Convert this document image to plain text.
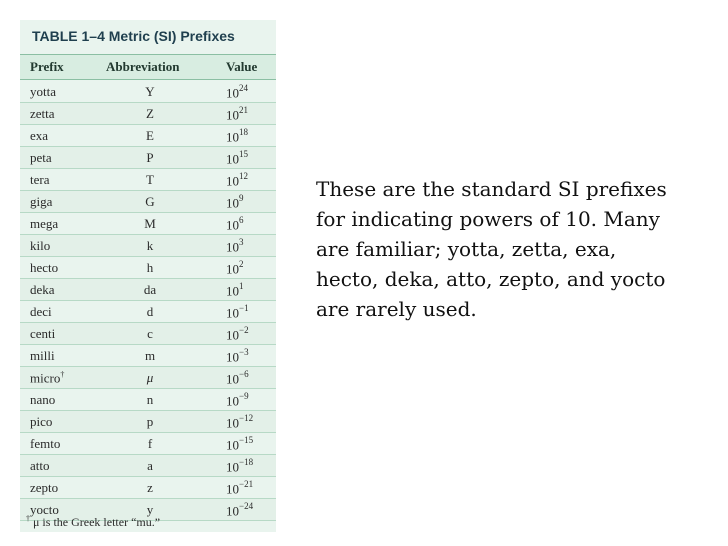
TABLE 1–4 Metric (SI) Prefixes
Prefix	Abbreviation	Value
yotta	Y	$10^{24}$
zetta	Z	$10^{21}$
exa	E	$10^{18}$
peta	P	$10^{15}$
tera	T	$10^{12}$
giga	G	$10^9$
mega	M	$10^6$
kilo	k	$10^3$
hecto	h	$10^2$
deka	da	$10^1$
deci	d	$10^{-1}$
centi	c	$10^{-2}$
milli	m	$10^{-3}$
micro†	μ	$10^{-6}$
nano	n	$10^{-9}$
pico	p	$10^{-12}$
femto	f	$10^{-15}$
atto	a	$10^{-18}$
zepto	z	$10^{-21}$
yocto	y	$10^{-24}$
† μ is the Greek letter “mu.”
These are the standard SI prefixes for indicating powers of 10. Many are familiar; yotta, zetta, exa, hecto, deka, atto, zepto, and yocto are rarely used.
